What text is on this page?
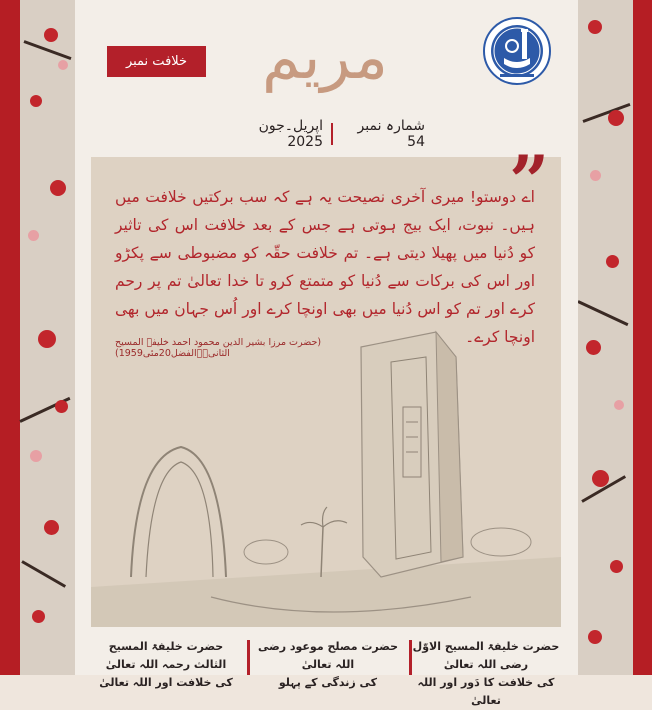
خلافت نمبر	مریم
شمارہ نمبر 54
اپریل۔جون 2025	”
اے دوستو! میری آخری نصیحت یہ ہے کہ سب برکتیں خلافت میں ہیں۔ نبوت، ایک بیج ہوتی ہے جس کے بعد خلافت اس کی تاثیر کو دُنیا میں پھیلا دیتی ہے۔ تم خلافت حقّہ کو مضبوطی سے پکڑو اور اس کی برکات سے دُنیا کو متمتع کرو تا خدا تعالیٰ تم پر رحم کرے اور تم کو اس دُنیا میں بھی اونچا کرے اور اُس جہان میں بھی اونچا کرے۔
(حضرت مرزا بشیر الدین محمود احمد خلیفۃ المسیح الثانیؓ۔الفضل20مئی1959)
حضرت خلیفۃ المسیح الاوّل رضی اللہ تعالیٰ
کی خلافت کا دَور اور اللہ تعالیٰ
حضرت مصلح موعود رضی اللہ تعالیٰ
کی زندگی کے پہلو
حضرت خلیفۃ المسیح الثالث رحمہ اللہ تعالیٰ
کی خلافت اور اللہ تعالیٰ
